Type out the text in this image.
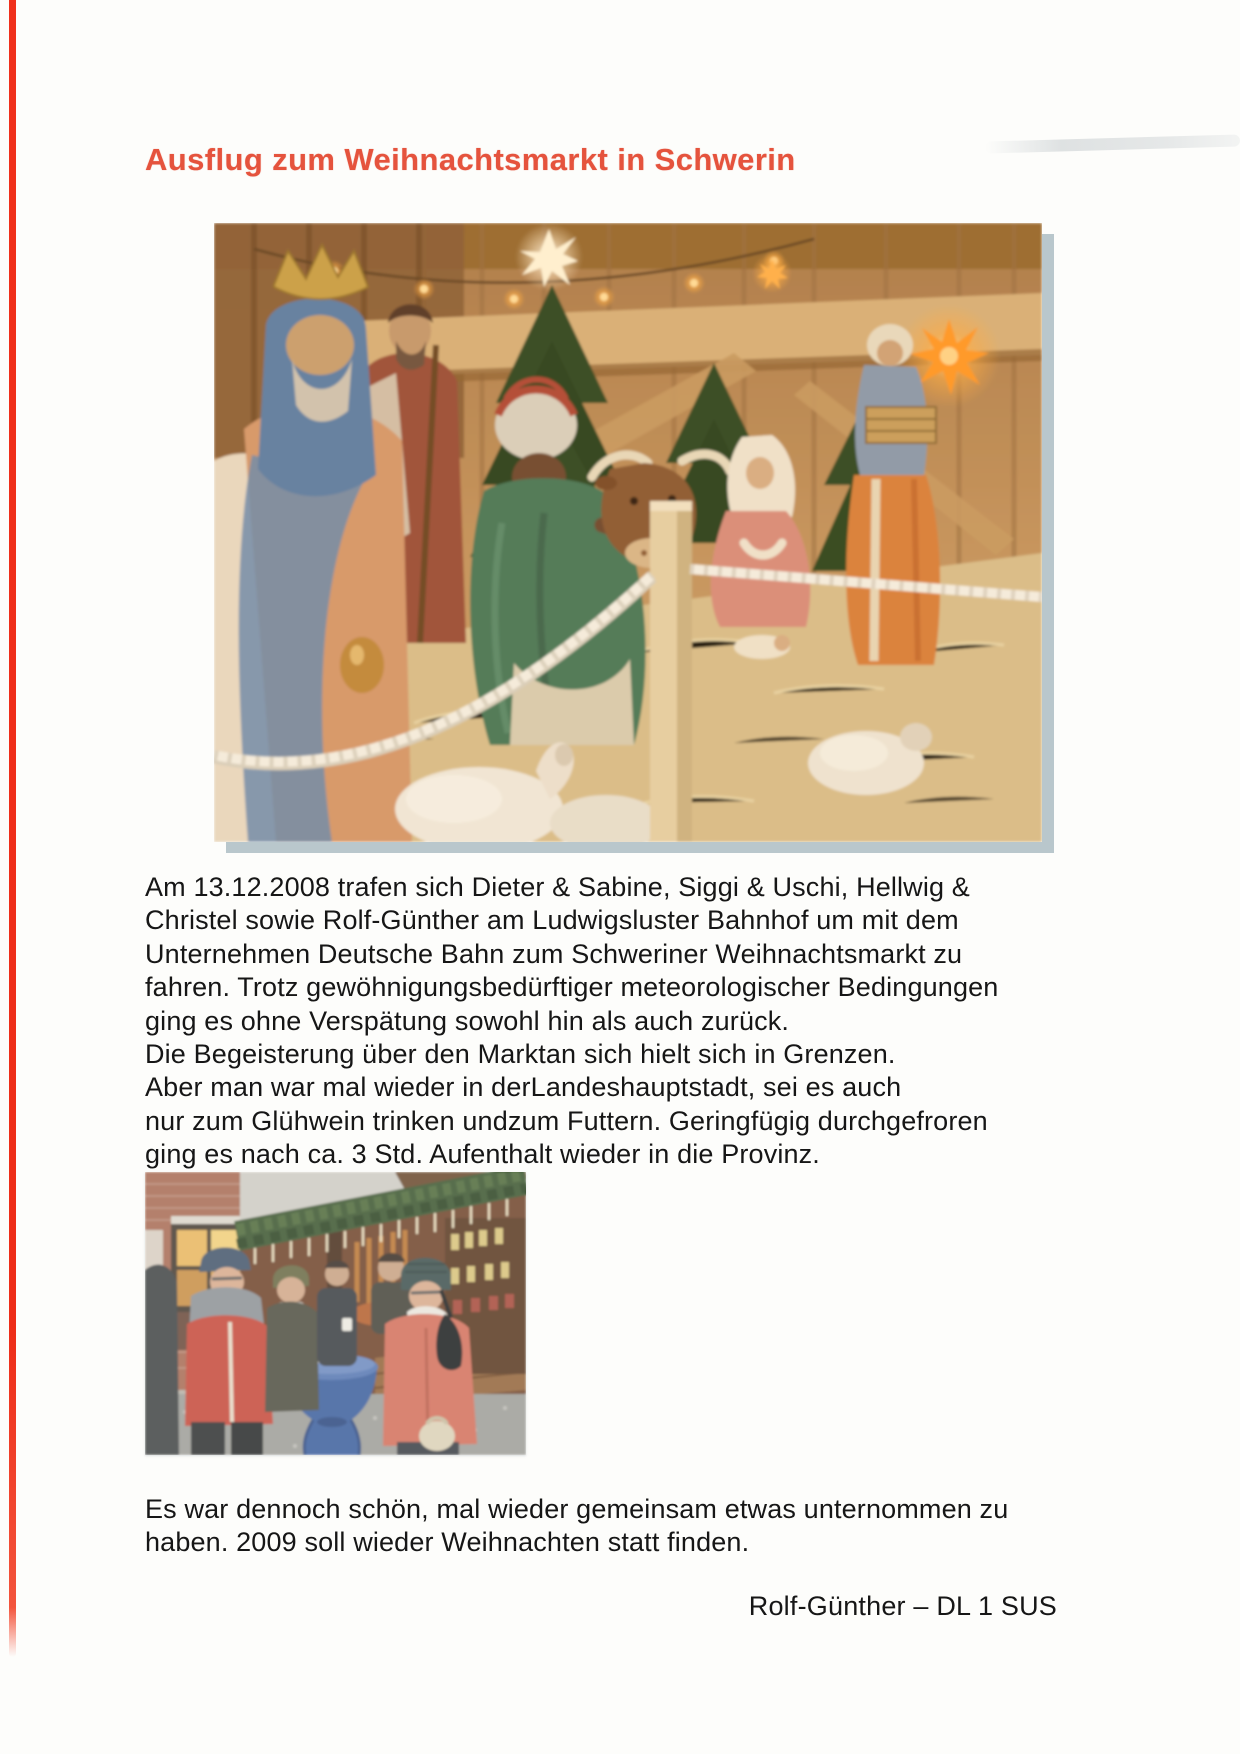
Ausflug zum Weihnachtsmarkt in Schwerin
Am 13.12.2008 trafen sich Dieter & Sabine, Siggi & Uschi, Hellwig &
Christel sowie Rolf-Günther am Ludwigsluster Bahnhof um mit dem
Unternehmen Deutsche Bahn zum Schweriner Weihnachtsmarkt zu
fahren. Trotz gewöhnigungsbedürftiger meteorologischer Bedingungen
ging es ohne Verspätung sowohl hin als auch zurück.
Die Begeisterung über den Marktan sich hielt sich in Grenzen.
Aber man war mal wieder in derLandeshauptstadt, sei es auch
nur zum Glühwein trinken undzum Futtern. Geringfügig durchgefroren
ging es nach ca. 3 Std. Aufenthalt wieder in die Provinz.
Es war dennoch schön, mal wieder gemeinsam etwas unternommen zu
haben. 2009 soll wieder Weihnachten statt finden.
Rolf-Günther – DL 1 SUS
